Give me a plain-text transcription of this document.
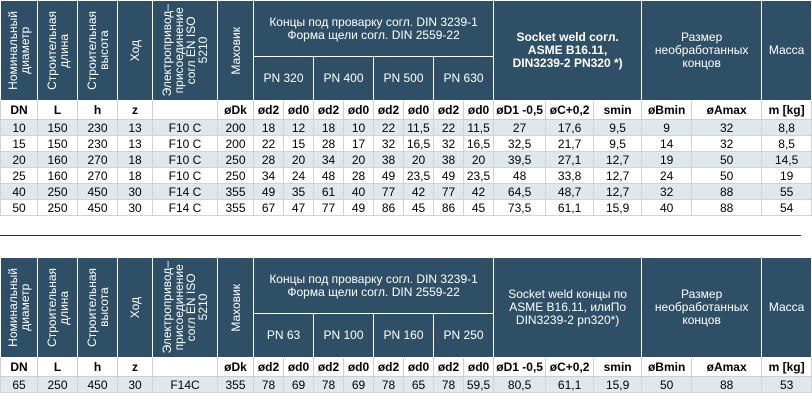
Номинальный
диаметр	Строительная
длина	Строительная
высота	Ход	Электропривод–
присоединение
согл EN ISO
5210	Маховик	Концы под проварку согл. DIN 3239-1
Форма щели согл. DIN 2559-22								Socket weld согл.
ASME B16.11,
DIN3239-2 PN320 *)			Размер
необработанных
концов		Масса
						PN 320		PN 400		PN 500		PN 630							
DN	L	h	z		øDk	ød2	ød0	ød2	ød0	ød2	ød0	ød2	ød0	øD1 -0,5	øC+0,2	smin	øBmin	øAmax	m [kg]
10	150	230	13	F10 C	200	18	12	18	10	22	11,5	22	11,5	27	17,6	9,5	9	32	8,8
15	150	230	13	F10 C	200	22	15	28	17	32	16,5	32	16,5	32,5	21,7	9,5	14	32	8,5
20	160	270	18	F10 C	250	28	20	34	20	38	20	38	20	39,5	27,1	12,7	19	50	14,5
25	160	270	18	F10 C	250	34	24	48	28	49	23,5	49	23,5	48	33,8	12,7	24	50	19
40	250	450	30	F14 C	355	49	35	61	40	77	42	77	42	64,5	48,7	12,7	32	88	55
50	250	450	30	F14 C	355	67	47	77	49	86	45	86	45	73,5	61,1	15,9	40	88	54
Номинальный
диаметр	Строительная
длина	Строительная
высота	Ход	Электропривод–
присоединение
согл EN ISO
5210	Маховик	Концы под проварку согл. DIN 3239-1
Форма щели согл. DIN 2559-22								Socket weld концы по
ASME B16.11, илиПо
DIN3239-2 pn320*)			Размер
необработанных
концов		Масса
						PN 63		PN 100		PN 160		PN 250							
DN	L	h	z		øDk	ød2	ød0	ød2	ød0	ød2	ød0	ød2	ød0	øD1 -0,5	øC+0,2	smin	øBmin	øAmax	m [kg]
65	250	450	30	F14C	355	78	69	78	69	78	65	78	59,5	80,5	61,1	15,9	50	88	53
